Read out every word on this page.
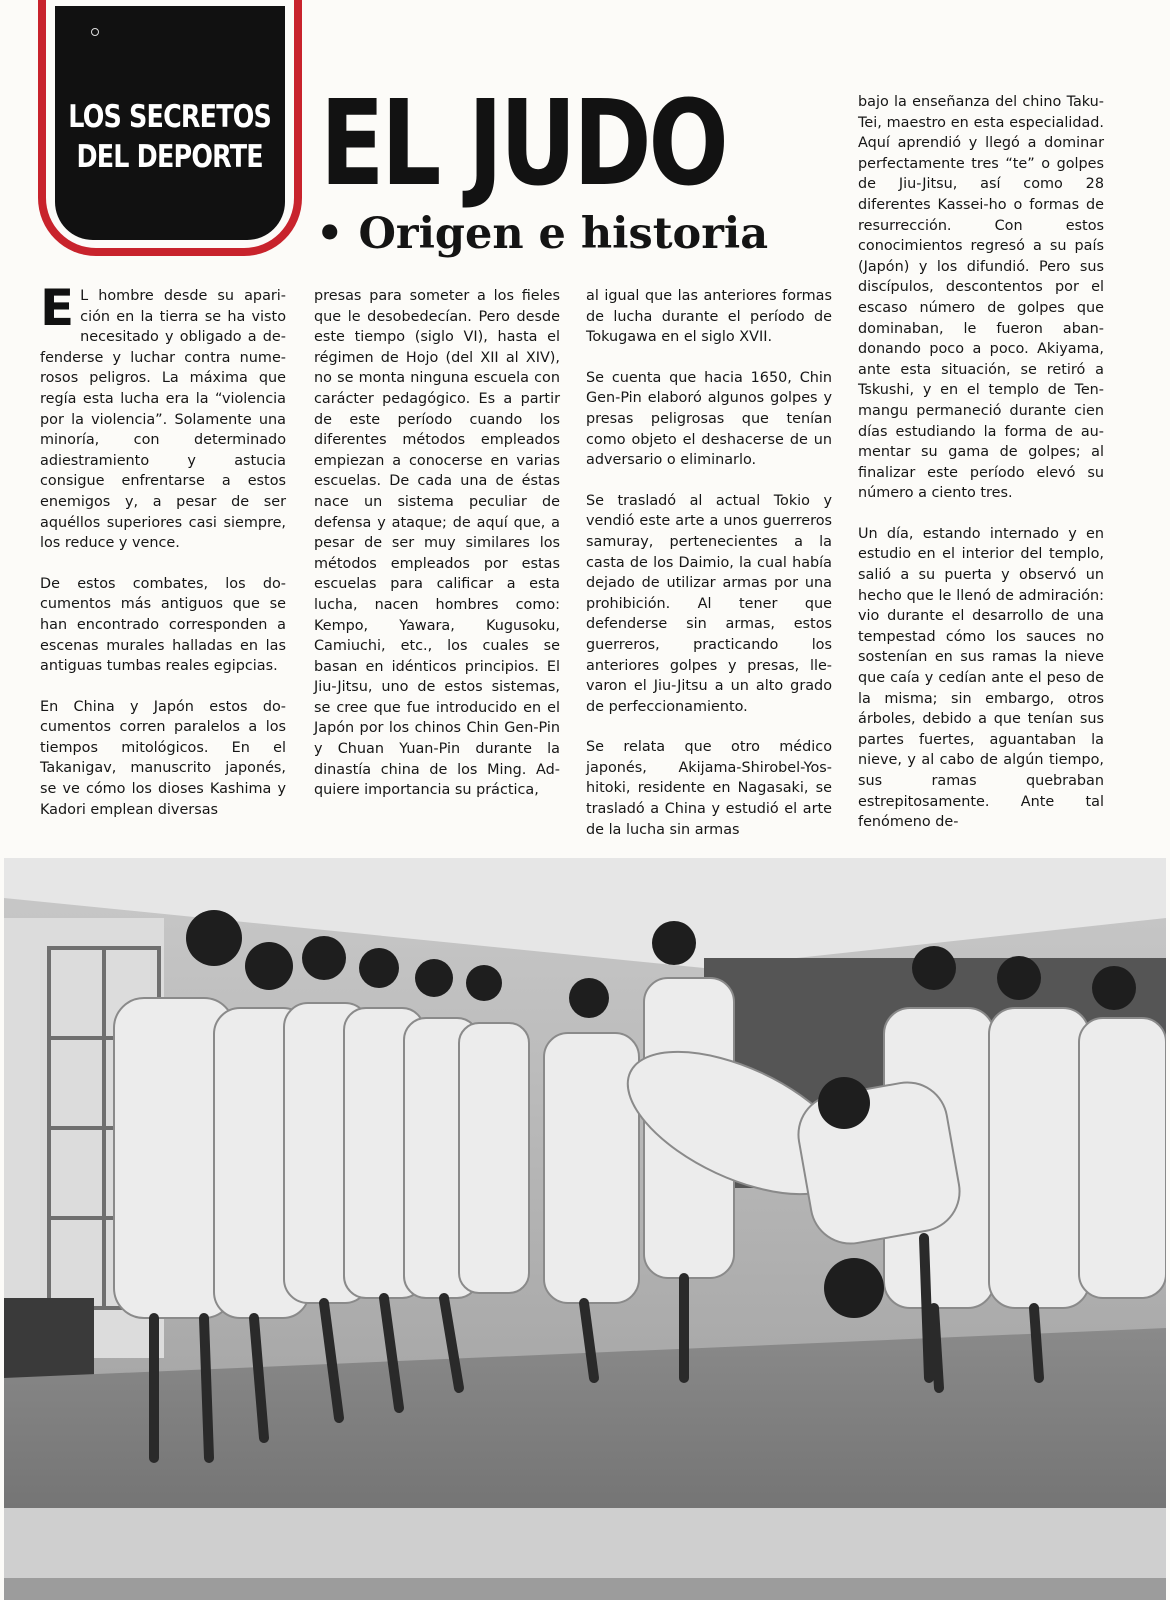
LOS SECRETOS
DEL DEPORTE EL JUDO
• Origen e historia

E L hombre desde su aparición en la tierra se ha visto necesitado y obligado a defenderse y luchar contra numerosos peligros. La máxima que regía esta lucha era la “violencia por la violencia”. Solamente una minoría, con determinado adiestramiento y astucia consigue enfrentarse a estos enemigos y, a pesar de ser aquéllos superiores casi siempre, los reduce y vence.

De estos combates, los documentos más antiguos que se han encontrado corresponden a escenas murales halladas en las antiguas tumbas reales egipcias.

En China y Japón estos documentos corren paralelos a los tiempos mitológicos. En el Takanigav, manuscrito japonés, se ve cómo los dioses Kashima y Kadori emplean diversas

presas para someter a los fieles que le desobedecían. Pero desde este tiempo (siglo VI), hasta el régimen de Hojo (del XII al XIV), no se monta ninguna escuela con carácter pedagógico. Es a partir de este período cuando los diferentes métodos empleados empiezan a conocerse en varias escuelas. De cada una de éstas nace un sistema peculiar de defensa y ataque; de aquí que, a pesar de ser muy similares los métodos empleados por estas escuelas para calificar a esta lucha, nacen hombres como: Kempo, Yawara, Kugusoku, Camiuchi, etc., los cuales se basan en idénticos principios. El Jiu-Jitsu, uno de estos sistemas, se cree que fue introducido en el Japón por los chinos Chin Gen-Pin y Chuan Yuan-Pin durante la dinastía china de los Ming. Adquiere importancia su práctica,

al igual que las anteriores formas de lucha durante el período de Tokugawa en el siglo XVII.

Se cuenta que hacia 1650, Chin Gen-Pin elaboró algunos golpes y presas peligrosas que tenían como objeto el deshacerse de un adversario o eliminarlo.

Se trasladó al actual Tokio y vendió este arte a unos guerreros samuray, pertenecientes a la casta de los Daimio, la cual había dejado de utilizar armas por una prohibición. Al tener que defenderse sin armas, estos guerreros, practicando los anteriores golpes y presas, llevaron el Jiu-Jitsu a un alto grado de perfeccionamiento.

Se relata que otro médico japonés, Akijama-Shirobel-Yoshitoki, residente en Nagasaki, se trasladó a China y estudió el arte de la lucha sin armas

bajo la enseñanza del chino Taku-Tei, maestro en esta especialidad. Aquí aprendió y llegó a dominar perfectamente tres “te” o golpes de Jiu-Jitsu, así como 28 diferentes Kassei-ho o formas de resurrección. Con estos conocimientos regresó a su país (Japón) y los difundió. Pero sus discípulos, descontentos por el escaso número de golpes que dominaban, le fueron abandonando poco a poco. Akiyama, ante esta situación, se retiró a Tskushi, y en el templo de Tenmangu permaneció durante cien días estudiando la forma de aumentar su gama de golpes; al finalizar este período elevó su número a ciento tres.

Un día, estando internado y en estudio en el interior del templo, salió a su puerta y observó un hecho que le llenó de admiración: vio durante el desarrollo de una tempestad cómo los sauces no sostenían en sus ramas la nieve que caía y cedían ante el peso de la misma; sin embargo, otros árboles, debido a que tenían sus partes fuertes, aguantaban la nieve, y al cabo de algún tiempo, sus ramas quebraban estrepitosamente. Ante tal fenómeno de-
